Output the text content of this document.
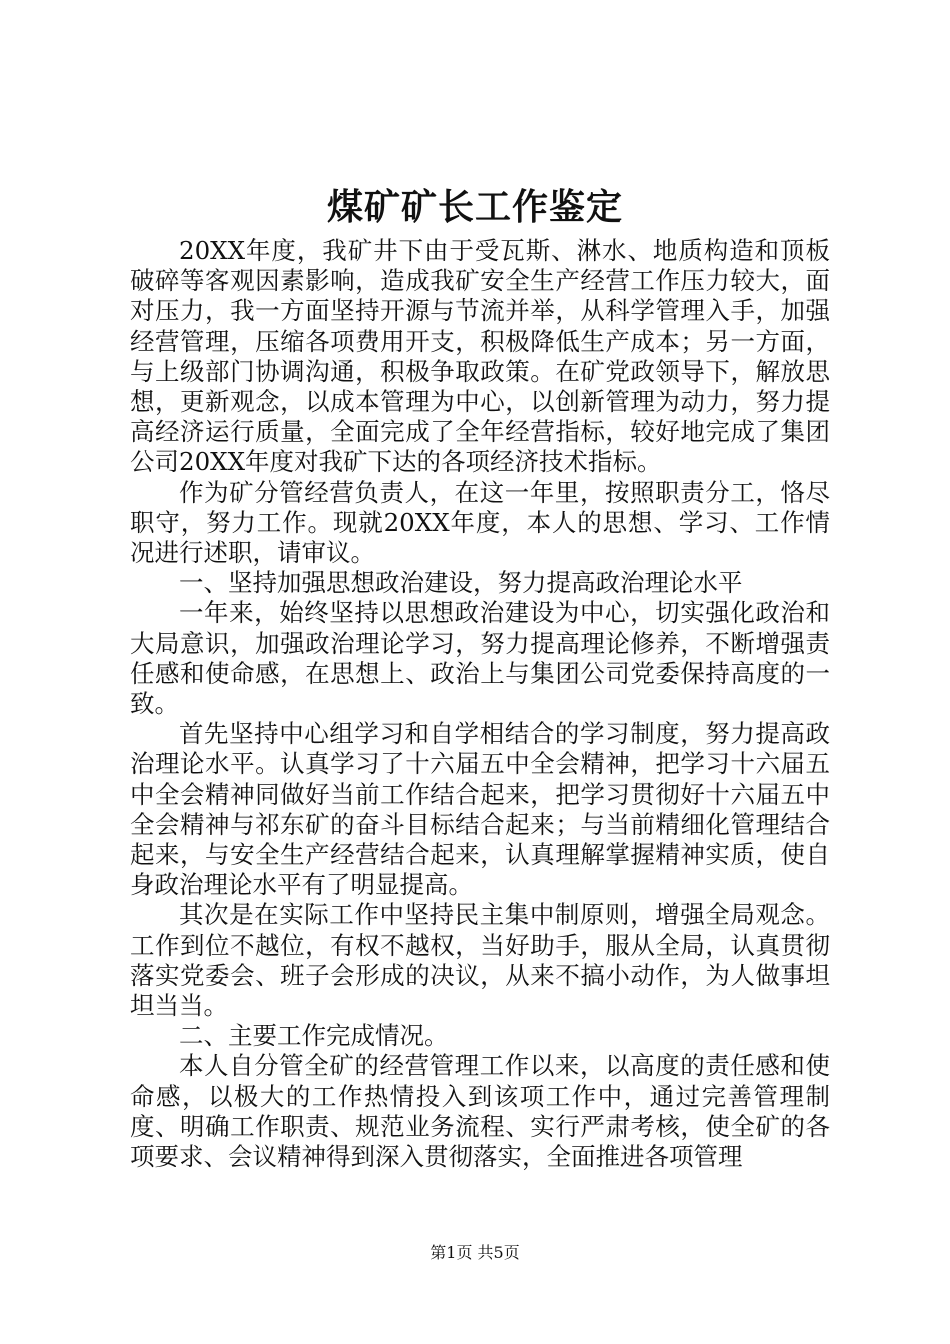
煤矿矿长工作鉴定

20XX年度，我矿井下由于受瓦斯、淋水、地质构造和顶板破碎等客观因素影响，造成我矿安全生产经营工作压力较大，面对压力，我一方面坚持开源与节流并举，从科学管理入手，加强经营管理，压缩各项费用开支，积极降低生产成本；另一方面，与上级部门协调沟通，积极争取政策。在矿党政领导下，解放思想，更新观念，以成本管理为中心，以创新管理为动力，努力提高经济运行质量，全面完成了全年经营指标，较好地完成了集团公司20XX年度对我矿下达的各项经济技术指标。

作为矿分管经营负责人，在这一年里，按照职责分工，恪尽职守，努力工作。现就20XX年度，本人的思想、学习、工作情况进行述职，请审议。

一、坚持加强思想政治建设，努力提高政治理论水平

一年来，始终坚持以思想政治建设为中心，切实强化政治和大局意识，加强政治理论学习，努力提高理论修养，不断增强责任感和使命感，在思想上、政治上与集团公司党委保持高度的一致。

首先坚持中心组学习和自学相结合的学习制度，努力提高政治理论水平。认真学习了十六届五中全会精神，把学习十六届五中全会精神同做好当前工作结合起来，把学习贯彻好十六届五中全会精神与祁东矿的奋斗目标结合起来；与当前精细化管理结合起来，与安全生产经营结合起来，认真理解掌握精神实质，使自身政治理论水平有了明显提高。

其次是在实际工作中坚持民主集中制原则，增强全局观念。工作到位不越位，有权不越权，当好助手，服从全局，认真贯彻落实党委会、班子会形成的决议，从来不搞小动作，为人做事坦坦当当。

二、主要工作完成情况。

本人自分管全矿的经营管理工作以来，以高度的责任感和使命感，以极大的工作热情投入到该项工作中，通过完善管理制度、明确工作职责、规范业务流程、实行严肃考核，使全矿的各项要求、会议精神得到深入贯彻落实，全面推进各项管理

第1页 共5页
